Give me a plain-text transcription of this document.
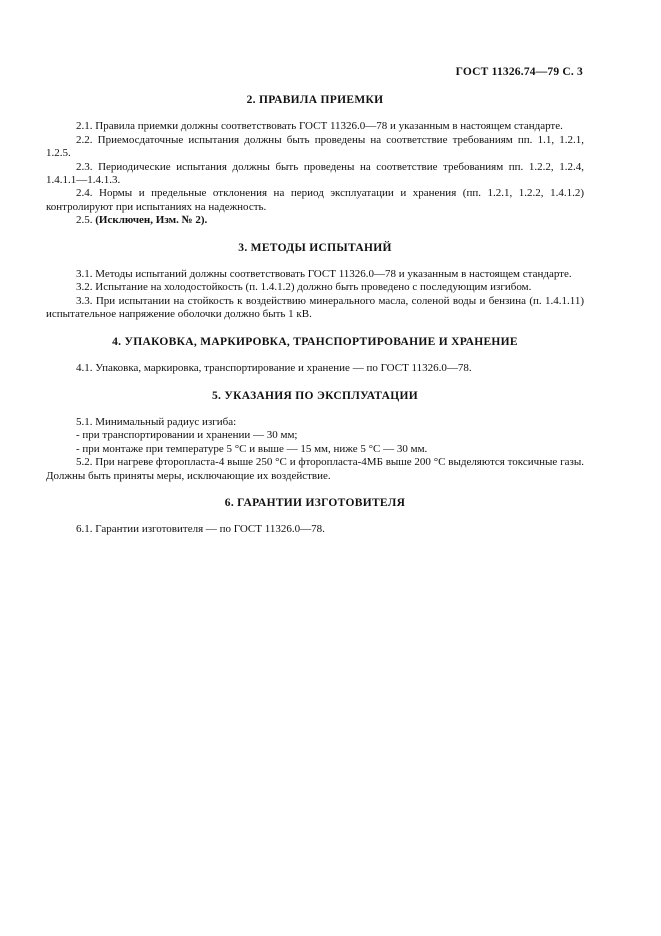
ГОСТ 11326.74—79 С. 3
2. ПРАВИЛА ПРИЕМКИ

2.1. Правила приемки должны соответствовать ГОСТ 11326.0—78 и указанным в настоящем стандарте.

2.2. Приемосдаточные испытания должны быть проведены на соответствие требованиям пп. 1.1, 1.2.1, 1.2.5.

2.3. Периодические испытания должны быть проведены на соответствие требованиям пп. 1.2.2, 1.2.4, 1.4.1.1—1.4.1.3.

2.4. Нормы и предельные отклонения на период эксплуатации и хранения (пп. 1.2.1, 1.2.2, 1.4.1.2) контролируют при испытаниях на надежность.

2.5. (Исключен, Изм. № 2).

3. МЕТОДЫ ИСПЫТАНИЙ

3.1. Методы испытаний должны соответствовать ГОСТ 11326.0—78 и указанным в настоящем стандарте.

3.2. Испытание на холодостойкость (п. 1.4.1.2) должно быть проведено с последующим изгибом.

3.3. При испытании на стойкость к воздействию минерального масла, соленой воды и бензина (п. 1.4.1.11) испытательное напряжение оболочки должно быть 1 кВ.

4. УПАКОВКА, МАРКИРОВКА, ТРАНСПОРТИРОВАНИЕ И ХРАНЕНИЕ

4.1. Упаковка, маркировка, транспортирование и хранение — по ГОСТ 11326.0—78.

5. УКАЗАНИЯ ПО ЭКСПЛУАТАЦИИ

5.1. Минимальный радиус изгиба:

- при транспортировании и хранении — 30 мм;

- при монтаже при температуре 5 °С и выше — 15 мм, ниже 5 °С — 30 мм.

5.2. При нагреве фторопласта-4 выше 250 °С и фторопласта-4МБ выше 200 °С выделяются токсичные газы. Должны быть приняты меры, исключающие их воздействие.

6. ГАРАНТИИ ИЗГОТОВИТЕЛЯ

6.1. Гарантии изготовителя — по ГОСТ 11326.0—78.
